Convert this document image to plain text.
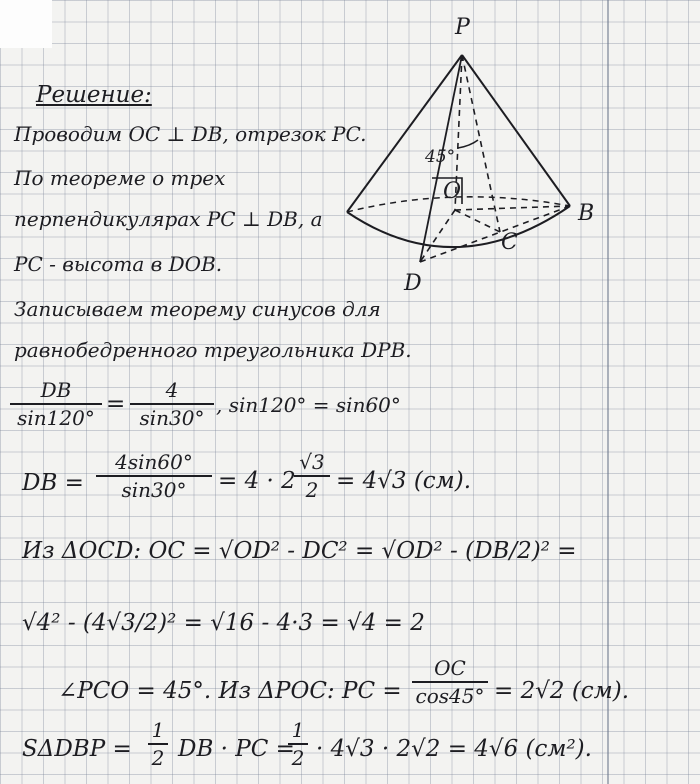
P
D
B
O
C
45°
Решение:
Проводим OC ⊥ DB, отрезок PC.
По теореме о трех
перпендикулярах PC ⊥ DB, а
PC - высота в DOB.
Записываем теорему синусов для
равнобедренного треугольника DPB.
DB
sin120°
=
4
sin30°
, sin120° = sin60°
DB =
4sin60°
sin30°	= 4 · 2
√3
2 = 4√3 (см).
Из ΔOCD: OC = √OD² - DC² = √OD² - (DB/2)² =
√4² - (4√3/2)² = √16 - 4·3 = √4 = 2
∠PCO = 45°. Из ΔPOC: PC =
OC
cos45° = 2√2 (см).
SΔDBP =
1
2 DB · PC =
1
2 · 4√3 · 2√2 = 4√6 (см²).
